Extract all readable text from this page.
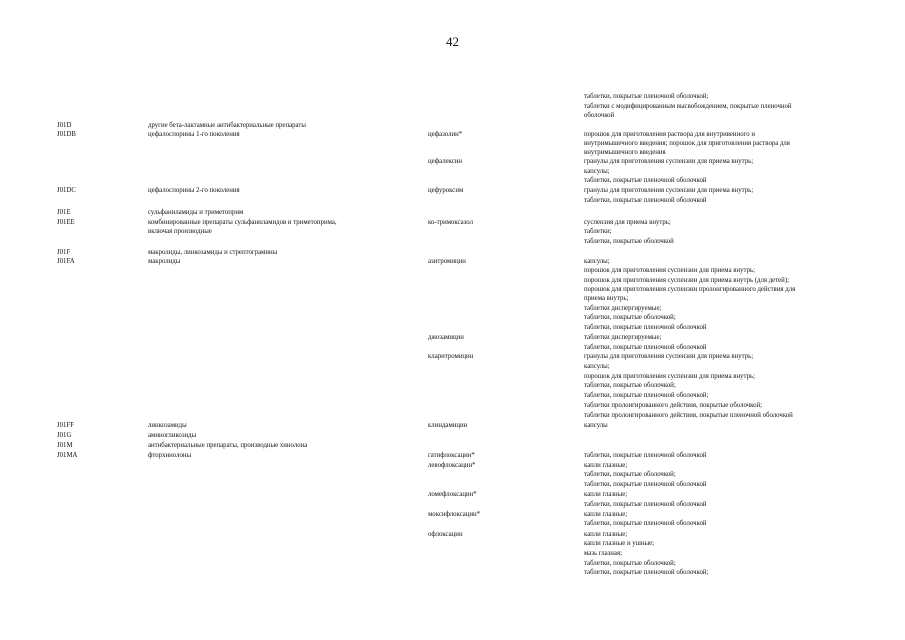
42
таблетки, покрытые пленочной оболочкой;
таблетки с модифицированным высвобождением, покрытые пленочной
оболочкой
J01D	другие бета-лактамные антибактериальные препараты
J01DB	цефалоспорины 1-го поколения	цефазолин*	порошок для приготовления раствора для внутривенного и
внутримышечного введения; порошок для приготовления раствора для
внутримышечного введения
цефалексин	гранулы для приготовления суспензии для приема внутрь;
капсулы;
таблетки, покрытые пленочной оболочкой
J01DC	цефалоспорины 2-го поколения	цефуроксим	гранулы для приготовления суспензии для приема внутрь;
таблетки, покрытые пленочной оболочкой
J01E	сульфаниламиды и триметоприм
J01EE	комбинированные препараты сульфаниламидов и триметоприма,	ко-тримоксазол	суспензия для приема внутрь;
включая производные	таблетки;
таблетки, покрытые оболочкой
J01F	макролиды, линкозамиды и стрептограмины
J01FA	макролиды	азитромицин	капсулы;
порошок для приготовления суспензии для приема внутрь;
порошок для приготовления суспензии для приема внутрь (для детей);
порошок для приготовления суспензии пролонгированного действия для
приема внутрь;
таблетки диспергируемые;
таблетки, покрытые оболочкой;
таблетки, покрытые пленочной оболочкой
джозамицин	таблетки диспергируемые;
таблетки, покрытые пленочной оболочкой
кларитромицин	гранулы для приготовления суспензии для приема внутрь;
капсулы;
порошок для приготовления суспензии для приема внутрь;
таблетки, покрытые оболочкой;
таблетки, покрытые пленочной оболочкой;
таблетки пролонгированного действия, покрытые оболочкой;
таблетки пролонгированного действия, покрытые пленочной оболочкой
J01FF	линкозамиды	клиндамицин	капсулы
J01G	аминогликозиды
J01M	антибактериальные препараты, производные хинолона
J01MA	фторхинолоны	гатифлоксацин*	таблетки, покрытые пленочной оболочкой
левофлоксацин*	капли глазные;
таблетки, покрытые оболочкой;
таблетки, покрытые пленочной оболочкой
ломефлоксацин*	капли глазные;
таблетки, покрытые пленочной оболочкой
моксифлоксацин*	капли глазные;
таблетки, покрытые пленочной оболочкой
офлоксацин	капли глазные;
капли глазные и ушные;
мазь глазная;
таблетки, покрытые оболочкой;
таблетки, покрытые пленочной оболочкой;
